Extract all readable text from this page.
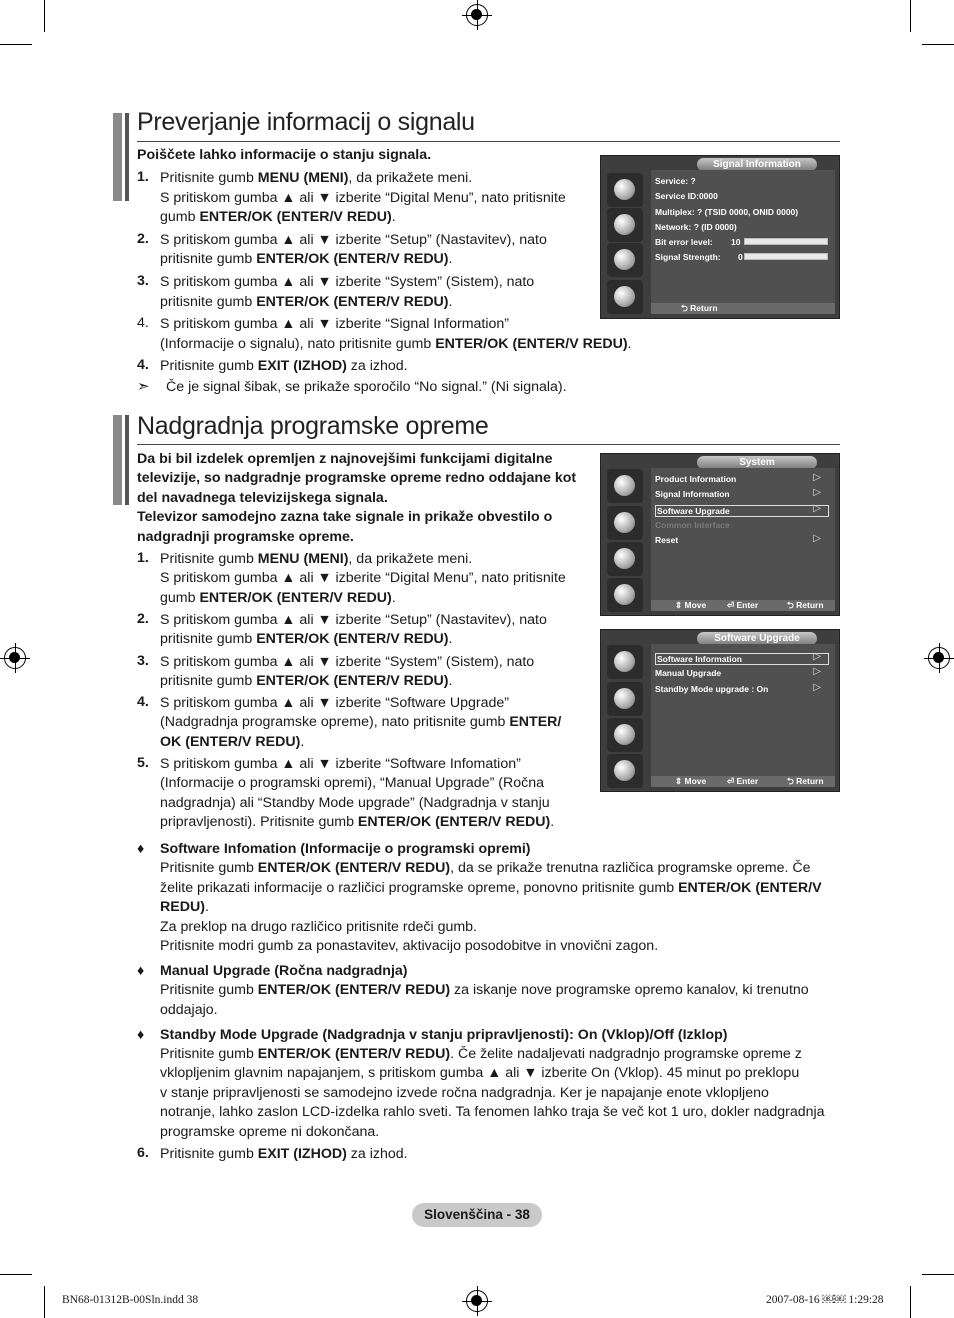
Preverjanje informacij o signalu
Poiščete lahko informacije o stanju signala.
1. Pritisnite gumb MENU (MENI), da prikažete meni.
S pritiskom gumba ▲ ali ▼ izberite “Digital Menu”, nato pritisnite
gumb ENTER/OK (ENTER/V REDU).
2. S pritiskom gumba ▲ ali ▼ izberite “Setup” (Nastavitev), nato
pritisnite gumb ENTER/OK (ENTER/V REDU).
3. S pritiskom gumba ▲ ali ▼ izberite “System” (Sistem), nato
pritisnite gumb ENTER/OK (ENTER/V REDU).
4. S pritiskom gumba ▲ ali ▼ izberite “Signal Information”
(Informacije o signalu), nato pritisnite gumb ENTER/OK (ENTER/V REDU).
4. Pritisnite gumb EXIT (IZHOD) za izhod.
➣ Če je signal šibak, se prikaže sporočilo “No signal.” (Ni signala).
Signal Information
Service: ?
Service ID:0000
Multiplex: ? (TSID 0000, ONID 0000)
Network: ? (ID 0000)
Bit error level: 10
Signal Strength: 0
⮌ Return
Nadgradnja programske opreme
Da bi bil izdelek opremljen z najnovejšimi funkcijami digitalne
televizije, so nadgradnje programske opreme redno oddajane kot
del navadnega televizijskega signala.
Televizor samodejno zazna take signale in prikaže obvestilo o
nadgradnji programske opreme.
1. Pritisnite gumb MENU (MENI), da prikažete meni.
S pritiskom gumba ▲ ali ▼ izberite “Digital Menu”, nato pritisnite
gumb ENTER/OK (ENTER/V REDU).
2. S pritiskom gumba ▲ ali ▼ izberite “Setup” (Nastavitev), nato
pritisnite gumb ENTER/OK (ENTER/V REDU).
3. S pritiskom gumba ▲ ali ▼ izberite “System” (Sistem), nato
pritisnite gumb ENTER/OK (ENTER/V REDU).
4. S pritiskom gumba ▲ ali ▼ izberite “Software Upgrade”
(Nadgradnja programske opreme), nato pritisnite gumb ENTER/
OK (ENTER/V REDU).
5. S pritiskom gumba ▲ ali ▼ izberite “Software Infomation”
(Informacije o programski opremi), “Manual Upgrade” (Ročna
nadgradnja) ali “Standby Mode upgrade” (Nadgradnja v stanju
pripravljenosti). Pritisnite gumb ENTER/OK (ENTER/V REDU).
♦ Software Infomation (Informacije o programski opremi)
Pritisnite gumb ENTER/OK (ENTER/V REDU), da se prikaže trenutna različica programske opreme. Če
želite prikazati informacije o različici programske opreme, ponovno pritisnite gumb ENTER/OK (ENTER/V
REDU).
Za preklop na drugo različico pritisnite rdeči gumb.
Pritisnite modri gumb za ponastavitev, aktivacijo posodobitve in vnovični zagon.
♦ Manual Upgrade (Ročna nadgradnja)
Pritisnite gumb ENTER/OK (ENTER/V REDU) za iskanje nove programske opremo kanalov, ki trenutno
oddajajo.
♦ Standby Mode Upgrade (Nadgradnja v stanju pripravljenosti): On (Vklop)/Off (Izklop)
Pritisnite gumb ENTER/OK (ENTER/V REDU). Če želite nadaljevati nadgradnjo programske opreme z
vklopljenim glavnim napajanjem, s pritiskom gumba ▲ ali ▼ izberite On (Vklop). 45 minut po preklopu
v stanje pripravljenosti se samodejno izvede ročna nadgradnja. Ker je napajanje enote vklopljeno
notranje, lahko zaslon LCD-izdelka rahlo sveti. Ta fenomen lahko traja še več kot 1 uro, dokler nadgradnja
programske opreme ni dokončana.
6. Pritisnite gumb EXIT (IZHOD) za izhod.
System
Product Information	▷
Signal Information	▷
Software Upgrade	▷
Common Interface
Reset	▷
⇕ Move ⏎ Enter	⮌ Return
Software Upgrade
Software Information	▷
Manual Upgrade	▷
Standby Mode upgrade : On	▷
⇕ Move ⏎ Enter	⮌ Return
Slovenščina - 38
BN68-01312B-00Sln.indd 38	2007-08-16 ￼￼ 1:29:28
